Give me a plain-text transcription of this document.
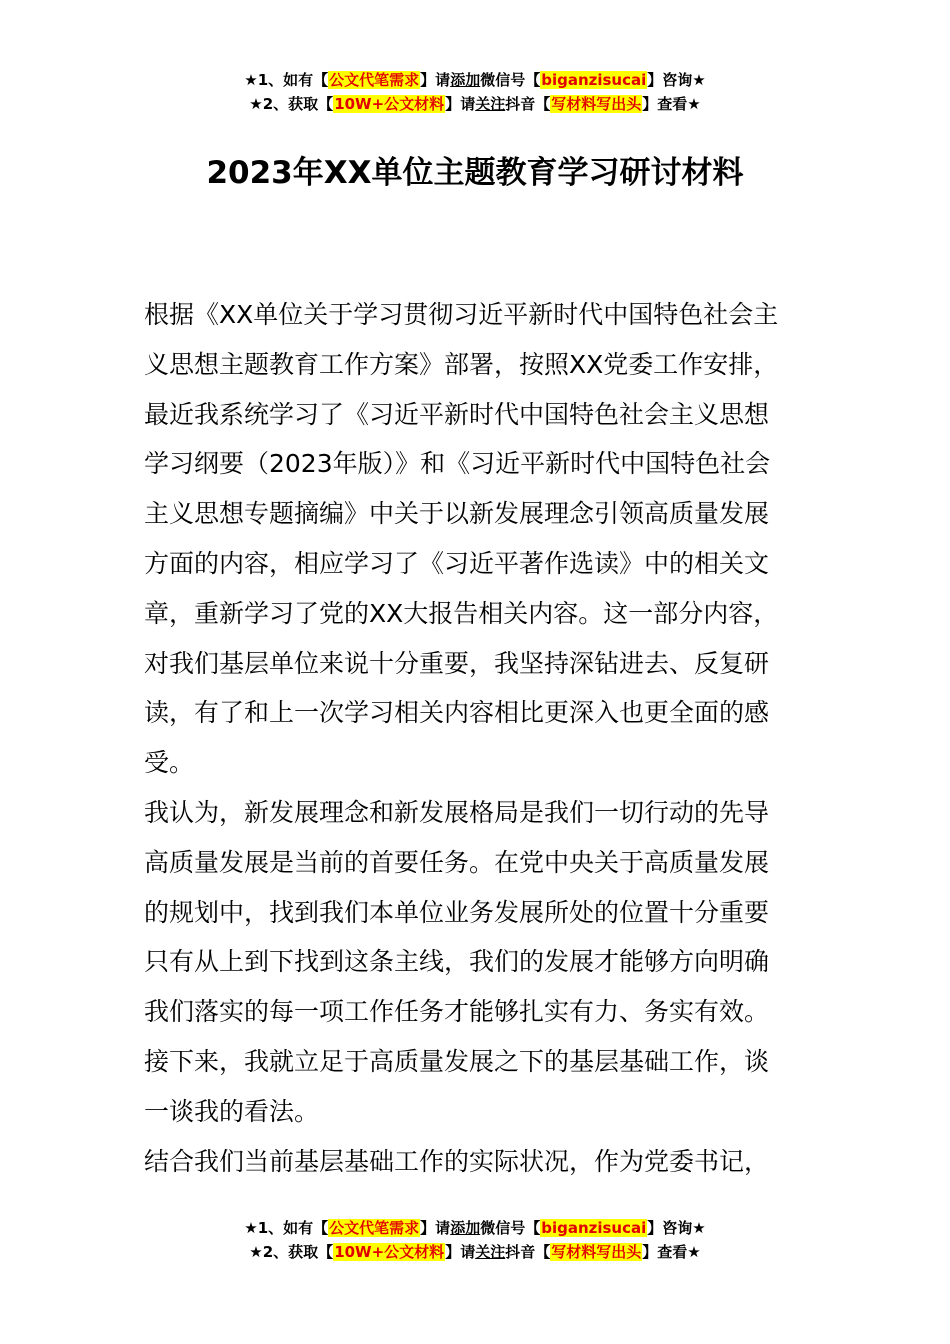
★1、如有【公文代笔需求】请添加微信号【biganzisucai】咨询★
★2、获取【10W+公文材料】请关注抖音【写材料写出头】查看★
2023年XX单位主题教育学习研讨材料
根据《XX单位关于学习贯彻习近平新时代中国特色社会主
义思想主题教育工作方案》部署，按照XX党委工作安排，
最近我系统学习了《习近平新时代中国特色社会主义思想
学习纲要（2023年版）》和《习近平新时代中国特色社会
主义思想专题摘编》中关于以新发展理念引领高质量发展
方面的内容，相应学习了《习近平著作选读》中的相关文
章，重新学习了党的XX大报告相关内容。这一部分内容，
对我们基层单位来说十分重要，我坚持深钻进去、反复研
读，有了和上一次学习相关内容相比更深入也更全面的感
受。
我认为，新发展理念和新发展格局是我们一切行动的先导
高质量发展是当前的首要任务。在党中央关于高质量发展
的规划中，找到我们本单位业务发展所处的位置十分重要
只有从上到下找到这条主线，我们的发展才能够方向明确
我们落实的每一项工作任务才能够扎实有力、务实有效。
接下来，我就立足于高质量发展之下的基层基础工作，谈
一谈我的看法。
结合我们当前基层基础工作的实际状况，作为党委书记，
★1、如有【公文代笔需求】请添加微信号【biganzisucai】咨询★
★2、获取【10W+公文材料】请关注抖音【写材料写出头】查看★
